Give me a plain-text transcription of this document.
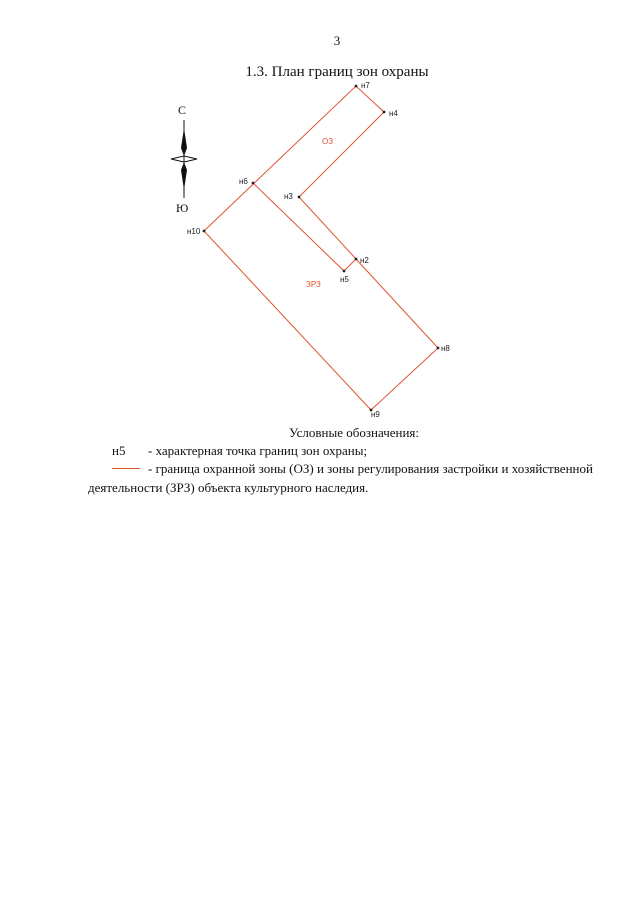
3
1.3. План границ зон охраны
С
Ю
н7
н4
н6
н3
н10
н2
н5
н8
н9
ОЗ
ЗРЗ
Условные обозначения:
н5 - характерная точка границ зон охраны;
- граница охранной зоны (ОЗ) и зоны регулирования застройки и хозяйственной
деятельности (ЗРЗ) объекта культурного наследия.
